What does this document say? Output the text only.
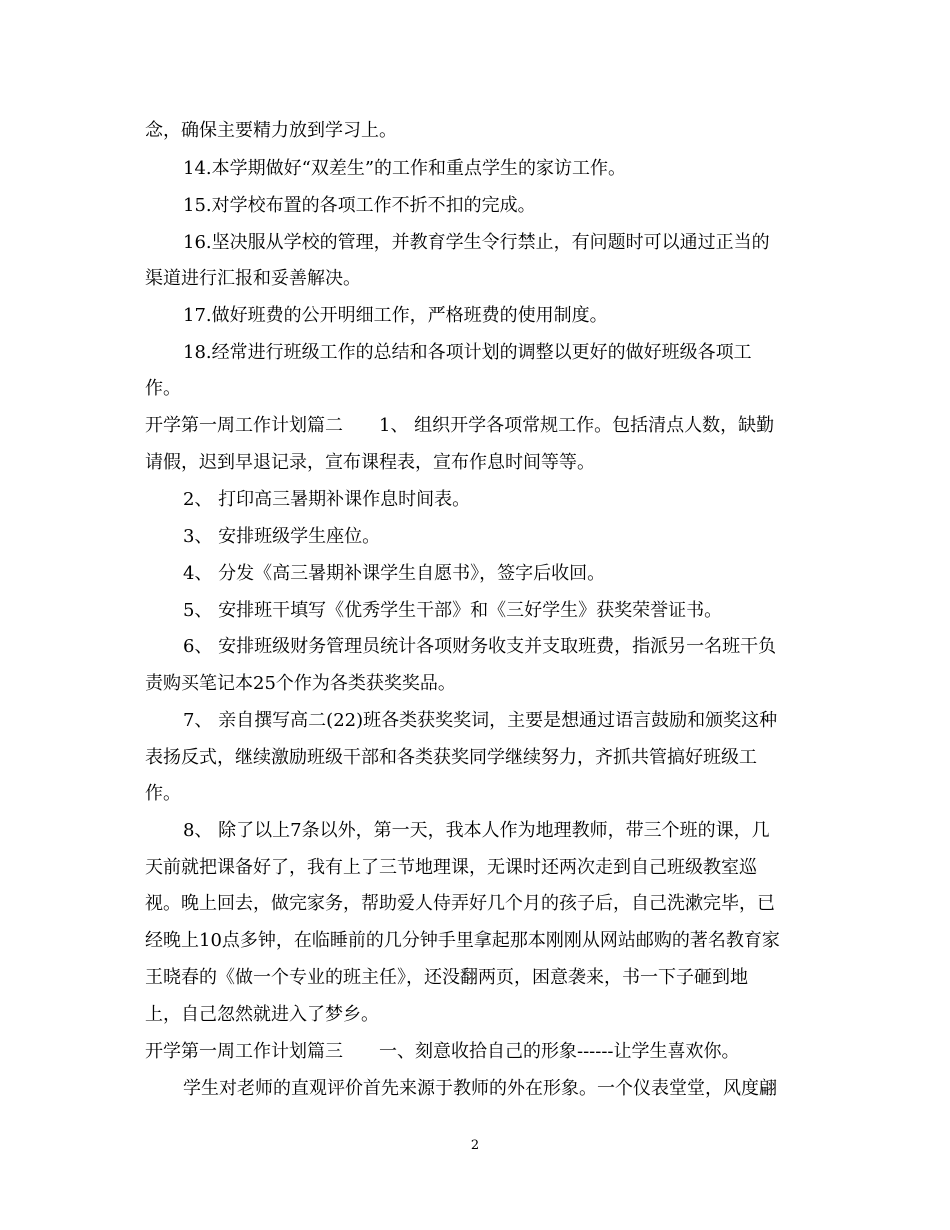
念，确保主要精力放到学习上。
14.本学期做好“双差生”的工作和重点学生的家访工作。
15.对学校布置的各项工作不折不扣的完成。
16.坚决服从学校的管理，并教育学生令行禁止，有问题时可以通过正当的
渠道进行汇报和妥善解决。
17.做好班费的公开明细工作，严格班费的使用制度。
18.经常进行班级工作的总结和各项计划的调整以更好的做好班级各项工
作。
开学第一周工作计划篇二　　1、 组织开学各项常规工作。包括清点人数，缺勤
请假，迟到早退记录，宣布课程表，宣布作息时间等等。
2、 打印高三暑期补课作息时间表。
3、 安排班级学生座位。
4、 分发《高三暑期补课学生自愿书》，签字后收回。
5、 安排班干填写《优秀学生干部》和《三好学生》获奖荣誉证书。
6、 安排班级财务管理员统计各项财务收支并支取班费，指派另一名班干负
责购买笔记本25个作为各类获奖奖品。
7、 亲自撰写高二(22)班各类获奖奖词，主要是想通过语言鼓励和颁奖这种
表扬反式，继续激励班级干部和各类获奖同学继续努力，齐抓共管搞好班级工
作。
8、 除了以上7条以外，第一天，我本人作为地理教师，带三个班的课，几
天前就把课备好了，我有上了三节地理课，无课时还两次走到自己班级教室巡
视。晚上回去，做完家务，帮助爱人侍弄好几个月的孩子后，自己洗漱完毕，已
经晚上10点多钟，在临睡前的几分钟手里拿起那本刚刚从网站邮购的著名教育家
王晓春的《做一个专业的班主任》，还没翻两页，困意袭来，书一下子砸到地
上，自己忽然就进入了梦乡。
开学第一周工作计划篇三　　一、刻意收拾自己的形象------让学生喜欢你。
学生对老师的直观评价首先来源于教师的外在形象。一个仪表堂堂，风度翩
2
